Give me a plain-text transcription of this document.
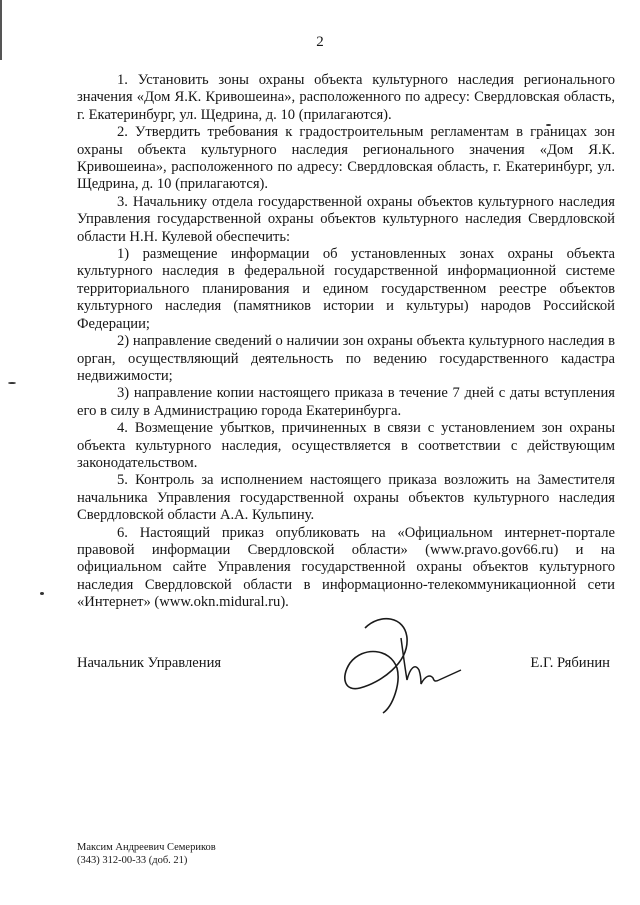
2

1. Установить зоны охраны объекта культурного наследия регионального значения «Дом Я.К. Кривошеина», расположенного по адресу: Свердловская область, г. Екатеринбург, ул. Щедрина, д. 10 (прилагаются).

2. Утвердить требования к градостроительным регламентам в границах зон охраны объекта культурного наследия регионального значения «Дом Я.К. Кривошеина», расположенного по адресу: Свердловская область, г. Екатеринбург, ул. Щедрина, д. 10 (прилагаются).

3. Начальнику отдела государственной охраны объектов культурного наследия Управления государственной охраны объектов культурного наследия Свердловской области Н.Н. Кулевой обеспечить:

1) размещение информации об установленных зонах охраны объекта культурного наследия в федеральной государственной информационной системе территориального планирования и едином государственном реестре объектов культурного наследия (памятников истории и культуры) народов Российской Федерации;

2) направление сведений о наличии зон охраны объекта культурного наследия в орган, осуществляющий деятельность по ведению государственного кадастра недвижимости;

3) направление копии настоящего приказа в течение 7 дней с даты вступления его в силу в Администрацию города Екатеринбурга.

4. Возмещение убытков, причиненных в связи с установлением зон охраны объекта культурного наследия, осуществляется в соответствии с действующим законодательством.

5. Контроль за исполнением настоящего приказа возложить на Заместителя начальника Управления государственной охраны объектов культурного наследия Свердловской области А.А. Кульпину.

6. Настоящий приказ опубликовать на «Официальном интернет-портале правовой информации Свердловской области» (www.pravo.gov66.ru) и на официальном сайте Управления государственной охраны объектов культурного наследия Свердловской области в информационно-телекоммуникационной сети «Интернет» (www.okn.midural.ru).

Начальник Управления	Е.Г. Рябинин
Максим Андреевич Семериков
(343) 312-00-33 (доб. 21)
